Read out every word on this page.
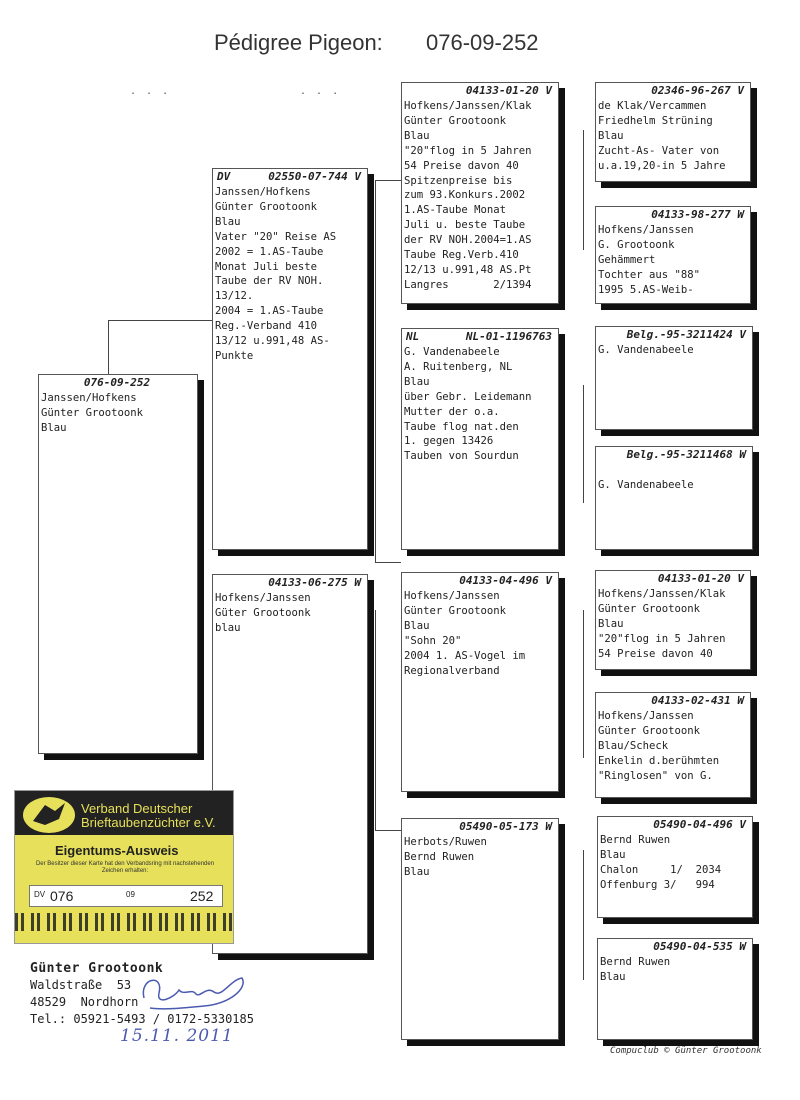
Pédigree Pigeon: 076-09-252
. . .	. . .
076-09-252
Janssen/Hofkens
Günter Grootoonk
Blau
DV	02550-07-744 V
Janssen/Hofkens
Günter Grootoonk
Blau
Vater "20" Reise AS
2002 = 1.AS-Taube
Monat Juli beste
Taube der RV NOH.
13/12.
2004 = 1.AS-Taube
Reg.-Verband 410
13/12 u.991,48 AS-
Punkte
04133-06-275 W
Hofkens/Janssen
Güter Grootoonk
blau
04133-01-20 V
Hofkens/Janssen/Klak
Günter Grootoonk
Blau
"20"flog in 5 Jahren
54 Preise davon 40
Spitzenpreise bis
zum 93.Konkurs.2002
1.AS-Taube Monat
Juli u. beste Taube
der RV NOH.2004=1.AS
Taube Reg.Verb.410
12/13 u.991,48 AS.Pt
Langres       2/1394
NL	NL-01-1196763
G. Vandenabeele
A. Ruitenberg, NL
Blau
über Gebr. Leidemann
Mutter der o.a.
Taube flog nat.den
1. gegen 13426
Tauben von Sourdun
04133-04-496 V
Hofkens/Janssen
Günter Grootoonk
Blau
"Sohn 20"
2004 1. AS-Vogel im
Regionalverband
05490-05-173 W
Herbots/Ruwen
Bernd Ruwen
Blau
02346-96-267 V
de Klak/Vercammen
Friedhelm Strüning
Blau
Zucht-As- Vater von
u.a.19,20-in 5 Jahre
04133-98-277 W
Hofkens/Janssen
G. Grootoonk
Gehämmert
Tochter aus "88"
1995 5.AS-Weib-
Belg.-95-3211424 V
G. Vandenabeele
Belg.-95-3211468 W
G. Vandenabeele
04133-01-20 V
Hofkens/Janssen/Klak
Günter Grootoonk
Blau
"20"flog in 5 Jahren
54 Preise davon 40
04133-02-431 W
Hofkens/Janssen
Günter Grootoonk
Blau/Scheck
Enkelin d.berühmten
"Ringlosen" von G.
05490-04-496 V
Bernd Ruwen
Blau
Chalon     1/  2034
Offenburg 3/   994
05490-04-535 W
Bernd Ruwen
Blau
Verband Deutscher
Brieftaubenzüchter e.V.
Eigentums-Ausweis
Der Besitzer dieser Karte hat den Verbandsring mit nachstehenden Zeichen erhalten:
DV 076	09	252
Günter Grootoonk
Waldstraße  53
48529  Nordhorn
Tel.: 05921-5493 / 0172-5330185
15.11. 2011
Compuclub © Günter Grootoonk
